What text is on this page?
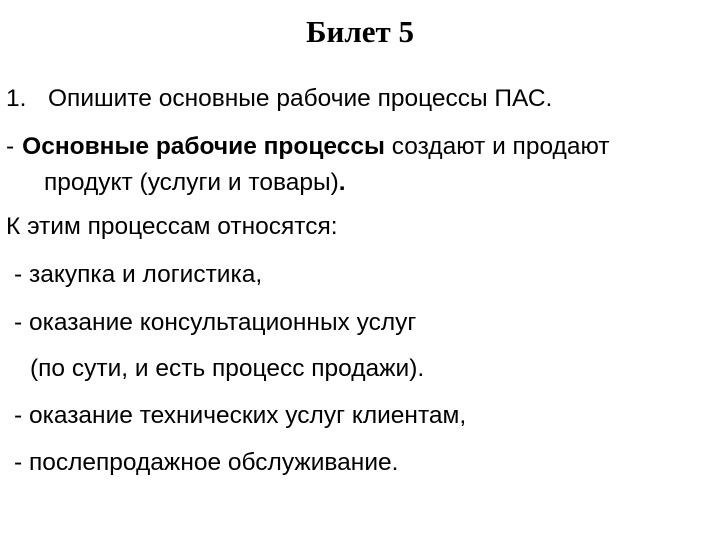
Билет 5
1. Опишите основные рабочие процессы ПАС.
- Основные рабочие процессы создают и продают
продукт (услуги и товары).
К этим процессам относятся:
- закупка и логистика,
- оказание консультационных услуг
(по сути, и есть процесс продажи).
- оказание технических услуг клиентам,
- послепродажное обслуживание.
